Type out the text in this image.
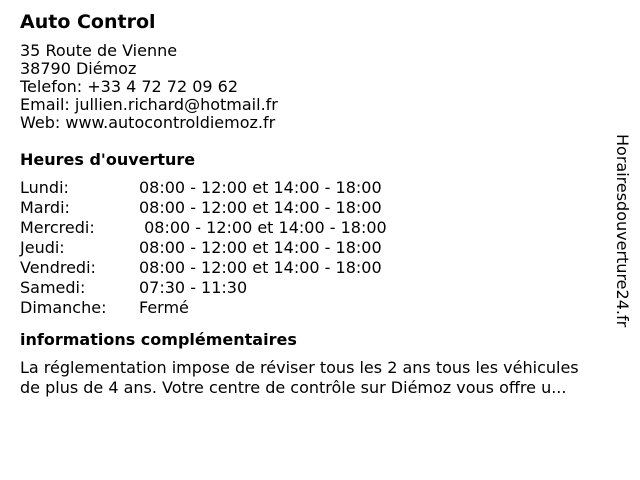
Auto Control
35 Route de Vienne
38790 Diémoz
Telefon: +33 4 72 72 09 62
Email: jullien.richard@hotmail.fr
Web: www.autocontroldiemoz.fr
Heures d'ouverture
Lundi:	08:00 - 12:00 et 14:00 - 18:00
Mardi:	08:00 - 12:00 et 14:00 - 18:00
Mercredi:	08:00 - 12:00 et 14:00 - 18:00
Jeudi:	08:00 - 12:00 et 14:00 - 18:00
Vendredi:	08:00 - 12:00 et 14:00 - 18:00
Samedi:	07:30 - 11:30
Dimanche:	Fermé
informations complémentaires
La réglementation impose de réviser tous les 2 ans tous les véhicules
de plus de 4 ans. Votre centre de contrôle sur Diémoz vous offre u...
Horairesdouverture24.fr
